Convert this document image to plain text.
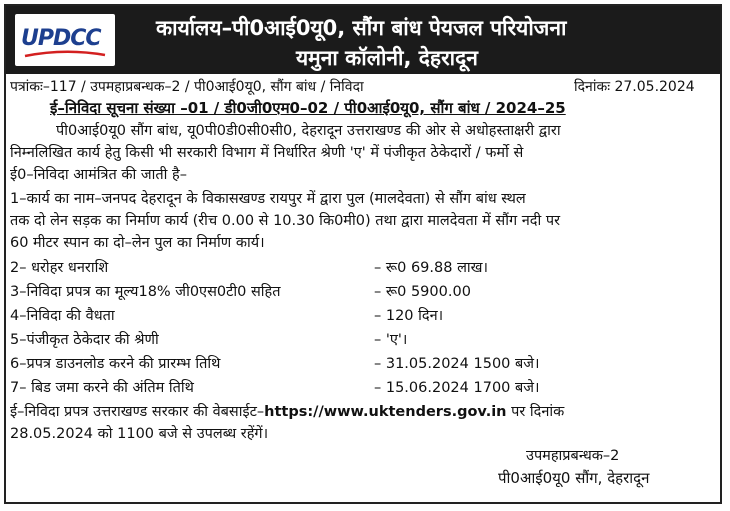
UPDCC	कार्यालय–पी0आई0यू0, सौंग बांध पेयजल परियोजना
यमुना कॉलोनी, देहरादून
पत्रांकः–117 / उपमहाप्रबन्धक–2 / पी0आई0यू0, सौंग बांध / निविदा	दिनांकः 27.05.2024
ई–निविदा सूचना संख्या –01 / डी0जी0एम0–02 / पी0आई0यू0, सौंग बांध / 2024–25
पी0आई0यू0 सौंग बांध, यू0पी0डी0सी0सी0, देहरादून उत्तराखण्ड की ओर से अधोहस्ताक्षरी द्वारा
निम्नलिखित कार्य हेतु किसी भी सरकारी विभाग में निर्धारित श्रेणी 'ए' में पंजीकृत ठेकेदारों / फर्मो से
ई0–निविदा आमंत्रित की जाती है–
1–कार्य का नाम–जनपद देहरादून के विकासखण्ड रायपुर में द्वारा पुल (मालदेवता) से सौंग बांध स्थल
तक दो लेन सड़क का निर्माण कार्य (रीच 0.00 से 10.30 कि0मी0) तथा द्वारा मालदेवता में सौंग नदी पर
60 मीटर स्पान का दो–लेन पुल का निर्माण कार्य।
2– धरोहर धनराशि	– रू0 69.88 लाख।
3–निविदा प्रपत्र का मूल्य18% जी0एस0टी0 सहित	– रू0 5900.00
4–निविदा की वैधता	– 120 दिन।
5–पंजीकृत ठेकेदार की श्रेणी	– 'ए'।
6–प्रपत्र डाउनलोड करने की प्रारम्भ तिथि	– 31.05.2024 1500 बजे।
7– बिड जमा करने की अंतिम तिथि	– 15.06.2024 1700 बजे।
ई–निविदा प्रपत्र उत्तराखण्ड सरकार की वेबसाईट–https://www.uktenders.gov.in पर दिनांक
28.05.2024 को 1100 बजे से उपलब्ध रहेंगें।
उपमहाप्रबन्धक–2
पी0आई0यू0 सौंग, देहरादून
